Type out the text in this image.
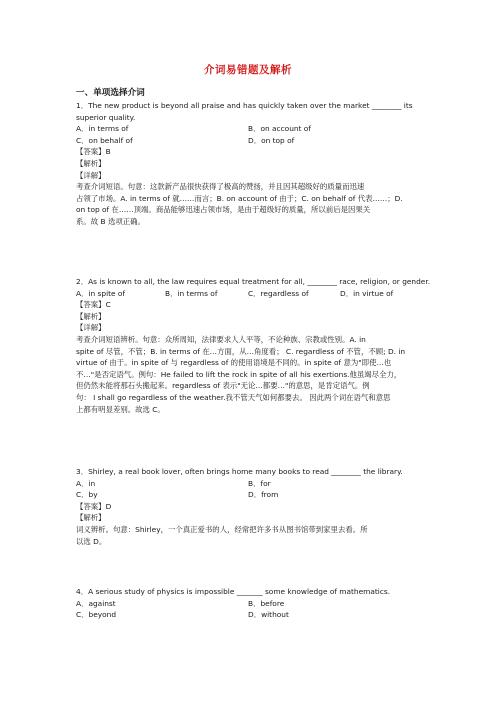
介词易错题及解析
一、单项选择介词

1．The new product is beyond all praise and has quickly taken over the market ________ its

superior quality.

A．in terms of	B．on account of
C．on behalf of	D．on top of

【答案】B

【解析】

【详解】

考查介词短语。句意：这款新产品很快获得了极高的赞扬，并且因其超级好的质量而迅速

占领了市场。A. in terms of 就……而言；B. on account of 由于；C. on behalf of 代表……；D.

on top of 在……顶端。商品能够迅速占领市场，是由于超级好的质量，所以前后是因果关

系。故 B 选项正确。

2．As is known to all, the law requires equal treatment for all, ________ race, religion, or gender.

A．in spite of	B．in terms of	C．regardless of	D．in virtue of

【答案】C

【解析】

【详解】

考查介词短语辨析。句意：众所周知，法律要求人人平等，不论种族、宗教或性别。A. in

spite of 尽管，不管；B. in terms of 在…方面，从…角度看； C. regardless of 不管，不顾; D. in

virtue of 由于。in spite of 与 regardless of 的使用语境是不同的。in spite of 意为"即使…也

不…"是否定语气。例句：He failed to lift the rock in spite of all his exertions.他虽竭尽全力，

但仍然未能将那石头搬起来。regardless of 表示"无论…都要…"的意思，是肯定语气。例

句： I shall go regardless of the weather.我不管天气如何都要去。 因此两个词在语气和意思

上都有明显差别。故选 C。

3．Shirley, a real book lover, often brings home many books to read ________ the library.

A．in	B．for
C．by	D．from

【答案】D

【解析】

词义辨析。句意：Shirley，一个真正爱书的人，经常把许多书从图书馆带到家里去看。所

以选 D。

4．A serious study of physics is impossible _______ some knowledge of mathematics.

A．against	B．before
C．beyond	D．without
